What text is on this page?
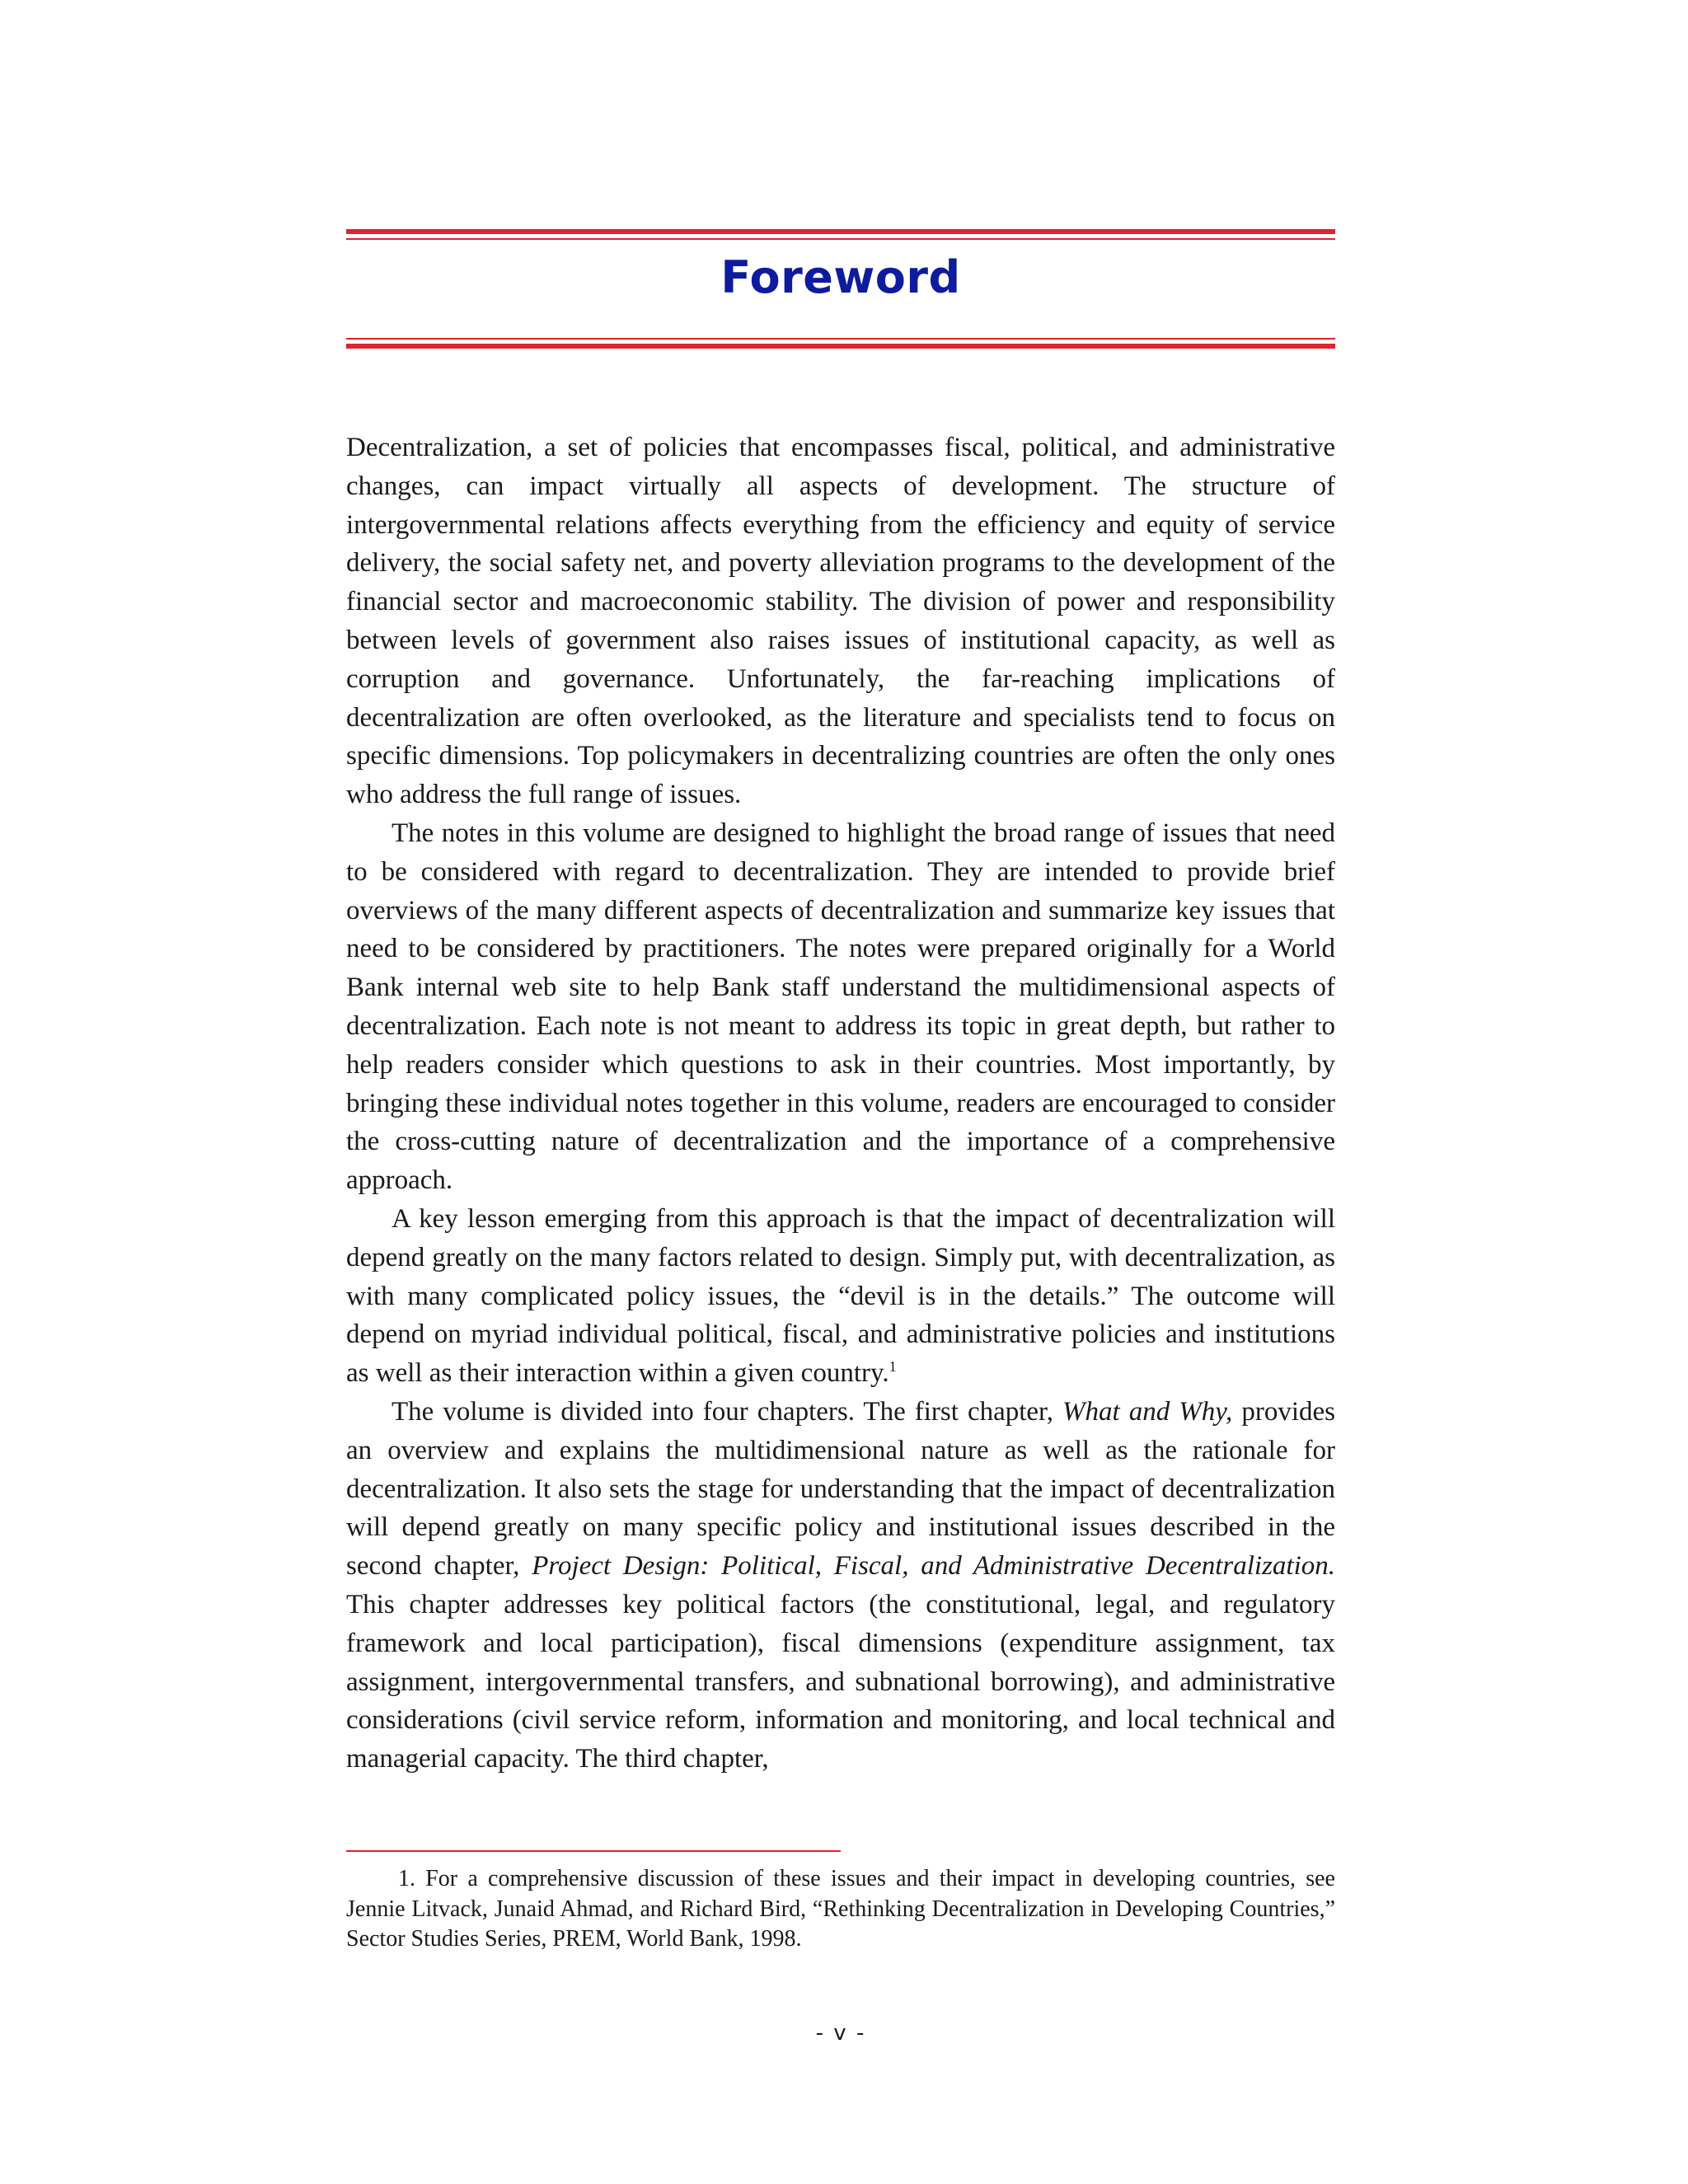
Foreword

Decentralization, a set of policies that encompasses fiscal, political, and administrative changes, can impact virtually all aspects of development. The structure of intergovernmental relations affects everything from the efficiency and equity of service delivery, the social safety net, and poverty alleviation programs to the development of the financial sector and macroeconomic stability. The division of power and responsibility between levels of government also raises issues of institutional capacity, as well as corruption and governance. Unfortunately, the far-reaching implications of decentralization are often overlooked, as the literature and specialists tend to focus on specific dimensions. Top policymakers in decentralizing countries are often the only ones who address the full range of issues.

The notes in this volume are designed to highlight the broad range of issues that need to be considered with regard to decentralization. They are intended to provide brief overviews of the many different aspects of decentralization and summarize key issues that need to be considered by practitioners. The notes were prepared originally for a World Bank internal web site to help Bank staff understand the multidimensional aspects of decentralization. Each note is not meant to address its topic in great depth, but rather to help readers consider which questions to ask in their countries. Most importantly, by bringing these individual notes together in this volume, readers are encouraged to consider the cross-cutting nature of decentralization and the importance of a comprehensive approach.

A key lesson emerging from this approach is that the impact of decentralization will depend greatly on the many factors related to design. Simply put, with decentralization, as with many complicated policy issues, the “devil is in the details.” The outcome will depend on myriad individual political, fiscal, and administrative policies and institutions as well as their interaction within a given country.$^1$

The volume is divided into four chapters. The first chapter, What and Why, provides an overview and explains the multidimensional nature as well as the rationale for decentralization. It also sets the stage for understanding that the impact of decentralization will depend greatly on many specific policy and institutional issues described in the second chapter, Project Design: Political, Fiscal, and Administrative Decentralization. This chapter addresses key political factors (the constitutional, legal, and regulatory framework and local participation), fiscal dimensions (expenditure assignment, tax assignment, intergovernmental transfers, and subnational borrowing), and administrative considerations (civil service reform, information and monitoring, and local technical and managerial capacity. The third chapter,

1. For a comprehensive discussion of these issues and their impact in developing countries, see Jennie Litvack, Junaid Ahmad, and Richard Bird, “Rethinking Decentralization in Developing Countries,” Sector Studies Series, PREM, World Bank, 1998.

- v -
